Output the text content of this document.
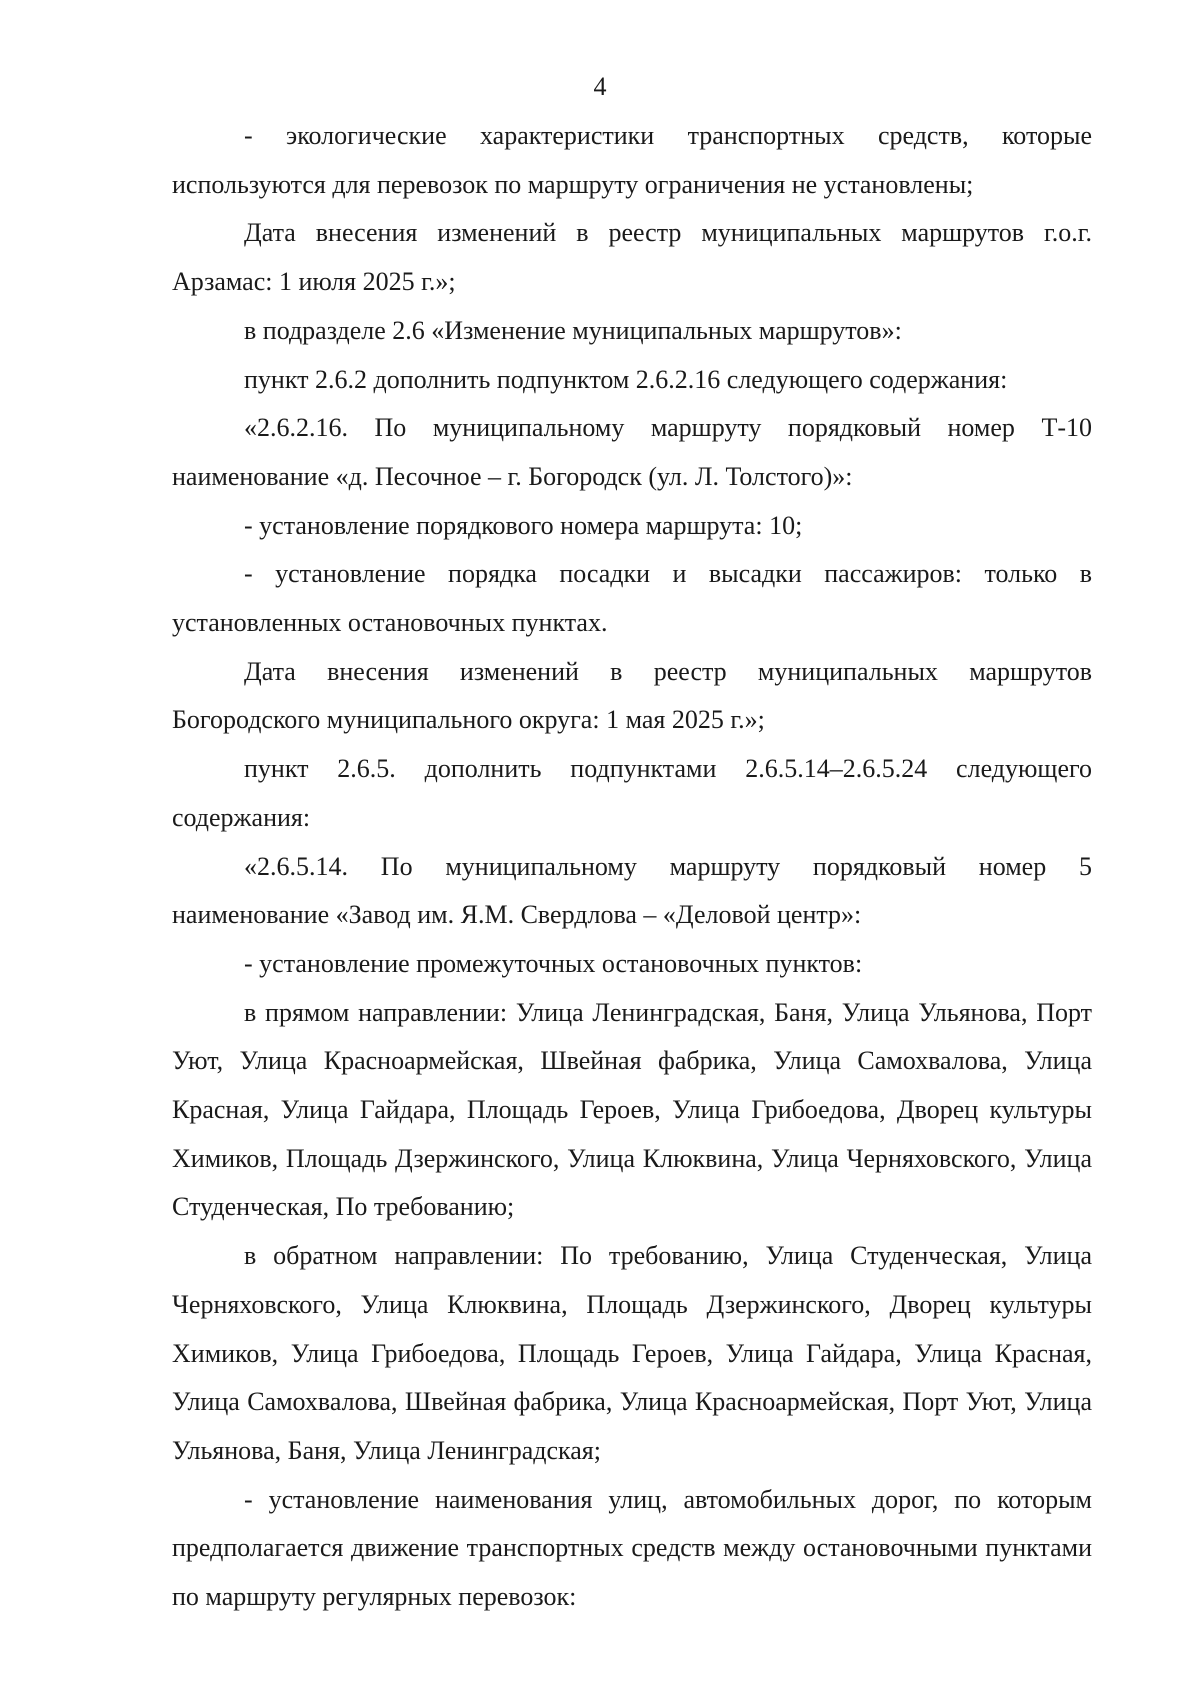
4

- экологические характеристики транспортных средств, которые используются для перевозок по маршруту ограничения не установлены;

Дата внесения изменений в реестр муниципальных маршрутов г.о.г. Арзамас: 1 июля 2025 г.»;

в подразделе 2.6 «Изменение муниципальных маршрутов»:

пункт 2.6.2 дополнить подпунктом 2.6.2.16 следующего содержания:

«2.6.2.16. По муниципальному маршруту порядковый номер Т-10 наименование «д. Песочное – г. Богородск (ул. Л. Толстого)»:

- установление порядкового номера маршрута: 10;

- установление порядка посадки и высадки пассажиров: только в установленных остановочных пунктах.

Дата внесения изменений в реестр муниципальных маршрутов Богородского муниципального округа: 1 мая 2025 г.»;

пункт 2.6.5. дополнить подпунктами 2.6.5.14–2.6.5.24 следующего содержания:

«2.6.5.14. По муниципальному маршруту порядковый номер 5 наименование «Завод им. Я.М. Свердлова – «Деловой центр»:

- установление промежуточных остановочных пунктов:

в прямом направлении: Улица Ленинградская, Баня, Улица Ульянова, Порт Уют, Улица Красноармейская, Швейная фабрика, Улица Самохвалова, Улица Красная, Улица Гайдара, Площадь Героев, Улица Грибоедова, Дворец культуры Химиков, Площадь Дзержинского, Улица Клюквина, Улица Черняховского, Улица Студенческая, По требованию;

в обратном направлении: По требованию, Улица Студенческая, Улица Черняховского, Улица Клюквина, Площадь Дзержинского, Дворец культуры Химиков, Улица Грибоедова, Площадь Героев, Улица Гайдара, Улица Красная, Улица Самохвалова, Швейная фабрика, Улица Красноармейская, Порт Уют, Улица Ульянова, Баня, Улица Ленинградская;

- установление наименования улиц, автомобильных дорог, по которым предполагается движение транспортных средств между остановочными пунктами по маршруту регулярных перевозок:
